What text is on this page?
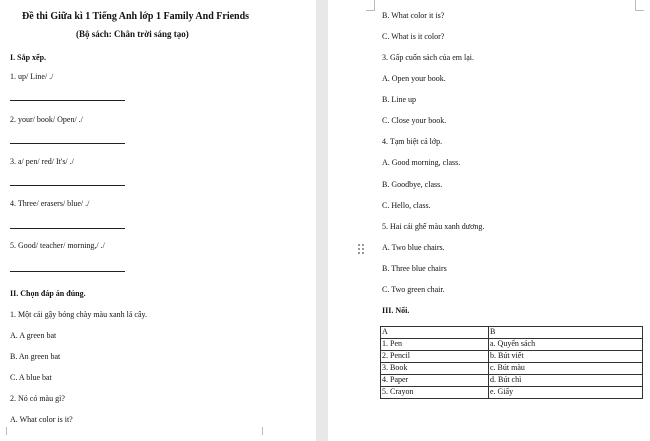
Đề thi Giữa kì 1 Tiếng Anh lớp 1 Family And Friends
(Bộ sách: Chân trời sáng tạo)
I. Sắp xếp.
1. up/ Line/ ./
2. your/ book/ Open/ ./
3. a/ pen/ red/ It's/ ./
4. Three/ erasers/ blue/ ./
5. Good/ teacher/ morning,/ ./
II. Chọn đáp án đúng.
1. Một cái gậy bóng chày màu xanh lá cây.
A. A green bat
B. An green bat
C. A blue bat
2. Nó có màu gì?
A. What color is it?
B. What color it is?
C. What is it color?
3. Gấp cuốn sách của em lại.
A. Open your book.
B. Line up
C. Close your book.
4. Tạm biệt cả lớp.
A. Good morning, class.
B. Goodbye, class.
C. Hello, class.
5. Hai cái ghế màu xanh dương.
A. Two blue chairs.
B. Three blue chairs
C. Two green chair.
III. Nối.
A	B
1. Pen	a. Quyển sách
2. Pencil	b. Bút viết
3. Book	c. Bút màu
4. Paper	d. Bút chì
5. Crayon	e. Giấy
